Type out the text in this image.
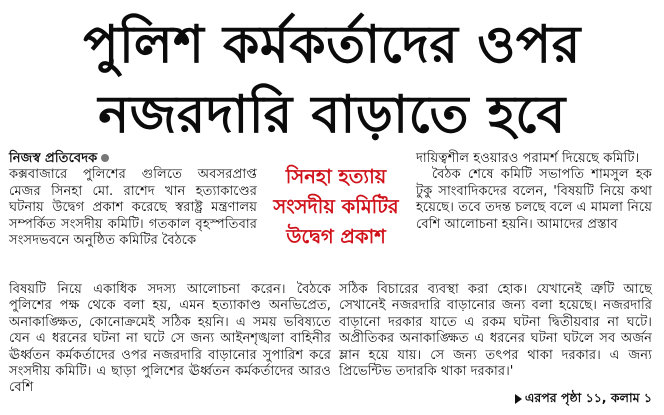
পুলিশ কর্মকর্তাদের ওপর
নজরদারি বাড়াতে হবে

নিজস্ব প্রতিবেদক

কক্সবাজারে পুলিশের গুলিতে অবসরপ্রাপ্ত মেজর সিনহা মো. রাশেদ খান হত্যাকাণ্ডের ঘটনায় উদ্বেগ প্রকাশ করেছে স্বরাষ্ট্র মন্ত্রণালয় সম্পর্কিত সংসদীয় কমিটি। গতকাল বৃহস্পতিবার সংসদভবনে অনুষ্ঠিত কমিটির বৈঠকে

সিনহা হত্যায়
সংসদীয় কমিটির
উদ্বেগ প্রকাশ

দায়িত্বশীল হওয়ারও পরামর্শ দিয়েছে কমিটি।

বৈঠক শেষে কমিটি সভাপতি শামসুল হক টুকু সাংবাদিকদের বলেন, 'বিষয়টি নিয়ে কথা হয়েছে। তবে তদন্ত চলছে বলে এ মামলা নিয়ে বেশি আলোচনা হয়নি। আমাদের প্রস্তাব

বিষয়টি নিয়ে একাধিক সদস্য আলোচনা করেন। বৈঠকে পুলিশের পক্ষ থেকে বলা হয়, এমন হত্যাকাণ্ড অনভিপ্রেত, অনাকাঙ্ক্ষিত, কোনোক্রমেই সঠিক হয়নি। এ সময় ভবিষ্যতে যেন এ ধরনের ঘটনা না ঘটে সে জন্য আইনশৃঙ্খলা বাহিনীর ঊর্ধ্বতন কর্মকর্তাদের ওপর নজরদারি বাড়ানোর সুপারিশ করে সংসদীয় কমিটি। এ ছাড়া পুলিশের ঊর্ধ্বতন কর্মকর্তাদের আরও বেশি

সঠিক বিচারের ব্যবস্থা করা হোক। যেখানেই ত্রুটি আছে সেখানেই নজরদারি বাড়ানোর জন্য বলা হয়েছে। নজরদারি বাড়ানো দরকার যাতে এ রকম ঘটনা দ্বিতীয়বার না ঘটে। অপ্রীতিকর অনাকাঙ্ক্ষিত এ ধরনের ঘটনা ঘটলে সব অর্জন ম্লান হয়ে যায়। সে জন্য তৎপর থাকা দরকার। এ জন্য প্রিভেন্টিভ তদারকি থাকা দরকার।'

এরপর পৃষ্ঠা ১১, কলাম ১
